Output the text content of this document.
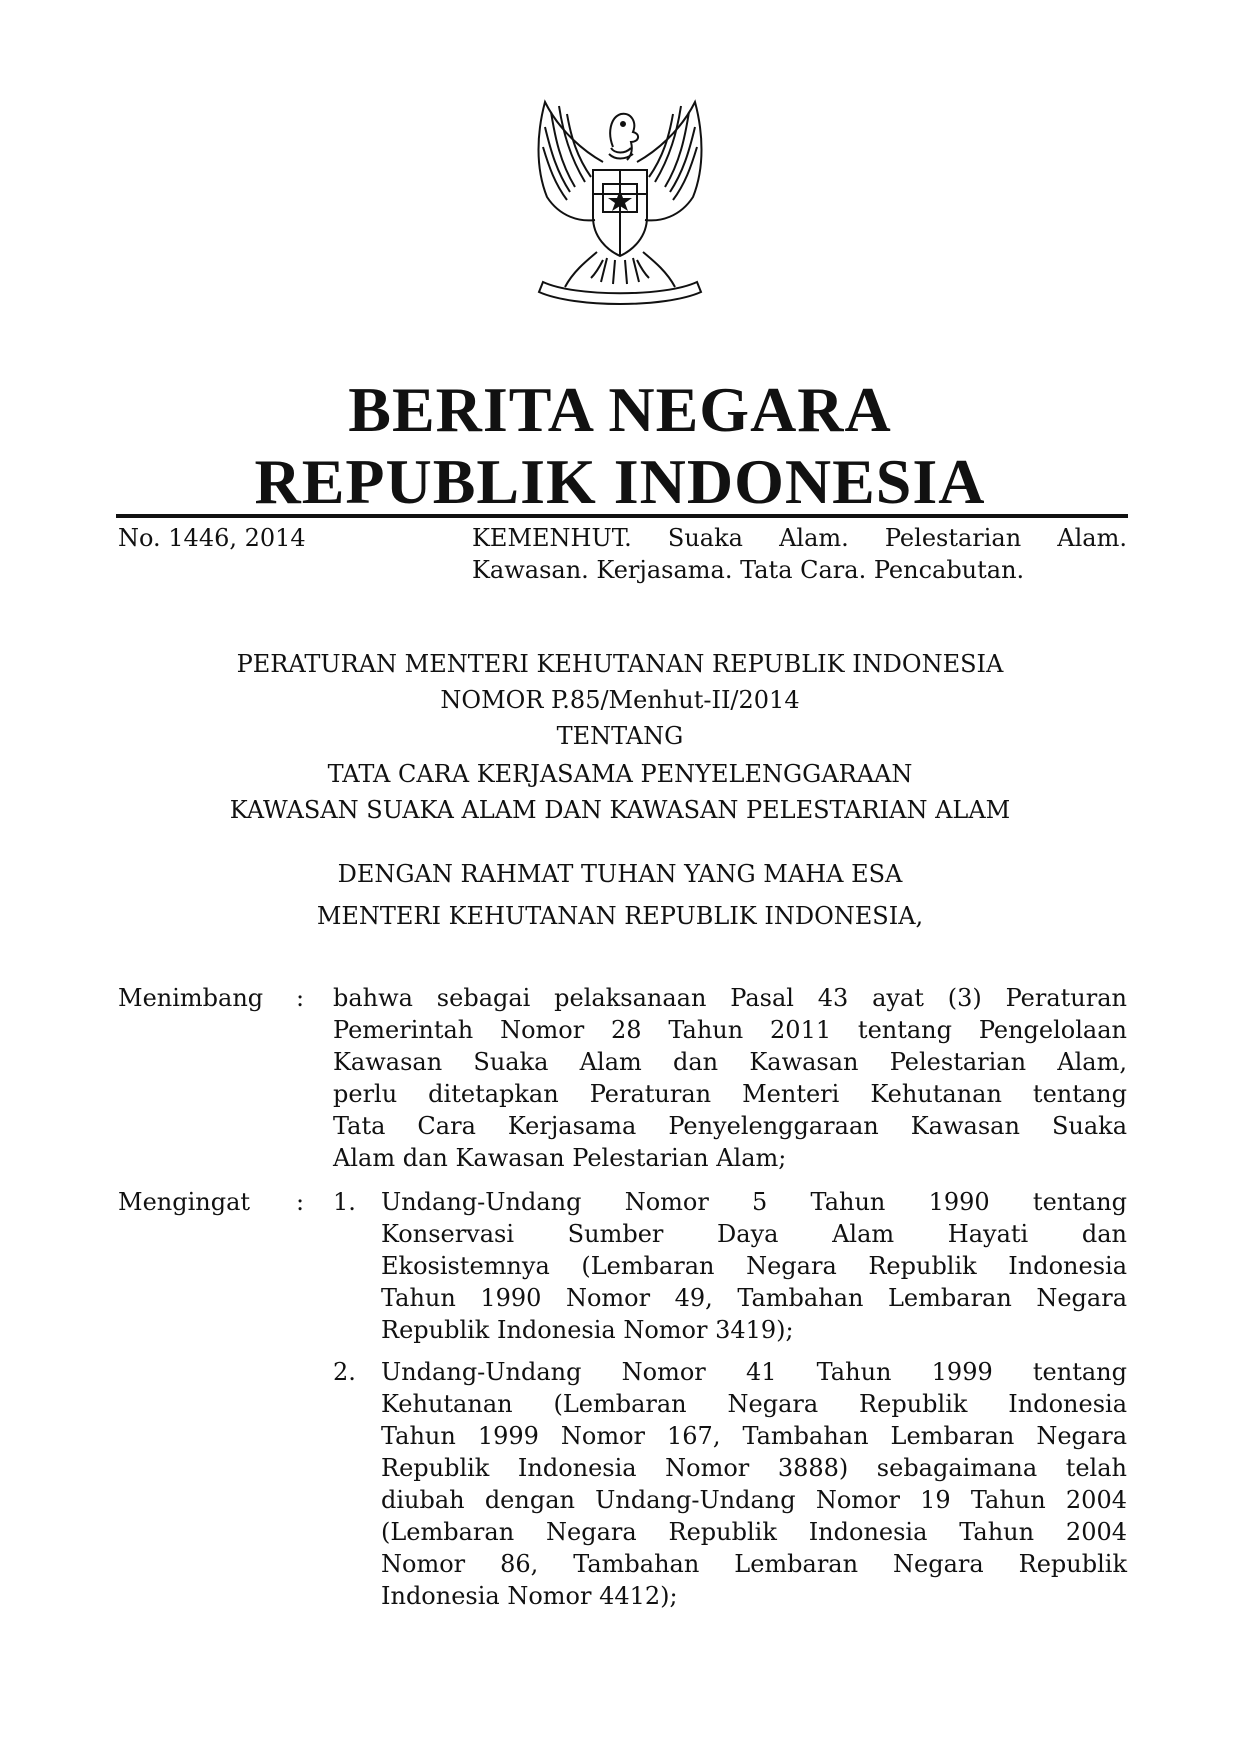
BERITA NEGARA
REPUBLIK INDONESIA
No. 1446, 2014	KEMENHUT. Suaka Alam. Pelestarian Alam.
Kawasan. Kerjasama. Tata Cara. Pencabutan.
PERATURAN MENTERI KEHUTANAN REPUBLIK INDONESIA
NOMOR P.85/Menhut-II/2014
TENTANG
TATA CARA KERJASAMA PENYELENGGARAAN
KAWASAN SUAKA ALAM DAN KAWASAN PELESTARIAN ALAM
DENGAN RAHMAT TUHAN YANG MAHA ESA
MENTERI KEHUTANAN REPUBLIK INDONESIA,
Menimbang : bahwa sebagai pelaksanaan Pasal 43 ayat (3) Peraturan
Pemerintah Nomor 28 Tahun 2011 tentang Pengelolaan
Kawasan Suaka Alam dan Kawasan Pelestarian Alam,
perlu ditetapkan Peraturan Menteri Kehutanan tentang
Tata Cara Kerjasama Penyelenggaraan Kawasan Suaka
Alam dan Kawasan Pelestarian Alam;
Mengingat : 1. Undang-Undang Nomor 5 Tahun 1990 tentang
Konservasi Sumber Daya Alam Hayati dan
Ekosistemnya (Lembaran Negara Republik Indonesia
Tahun 1990 Nomor 49, Tambahan Lembaran Negara
Republik Indonesia Nomor 3419);
2. Undang-Undang Nomor 41 Tahun 1999 tentang
Kehutanan (Lembaran Negara Republik Indonesia
Tahun 1999 Nomor 167, Tambahan Lembaran Negara
Republik Indonesia Nomor 3888) sebagaimana telah
diubah dengan Undang-Undang Nomor 19 Tahun 2004
(Lembaran Negara Republik Indonesia Tahun 2004
Nomor 86, Tambahan Lembaran Negara Republik
Indonesia Nomor 4412);
